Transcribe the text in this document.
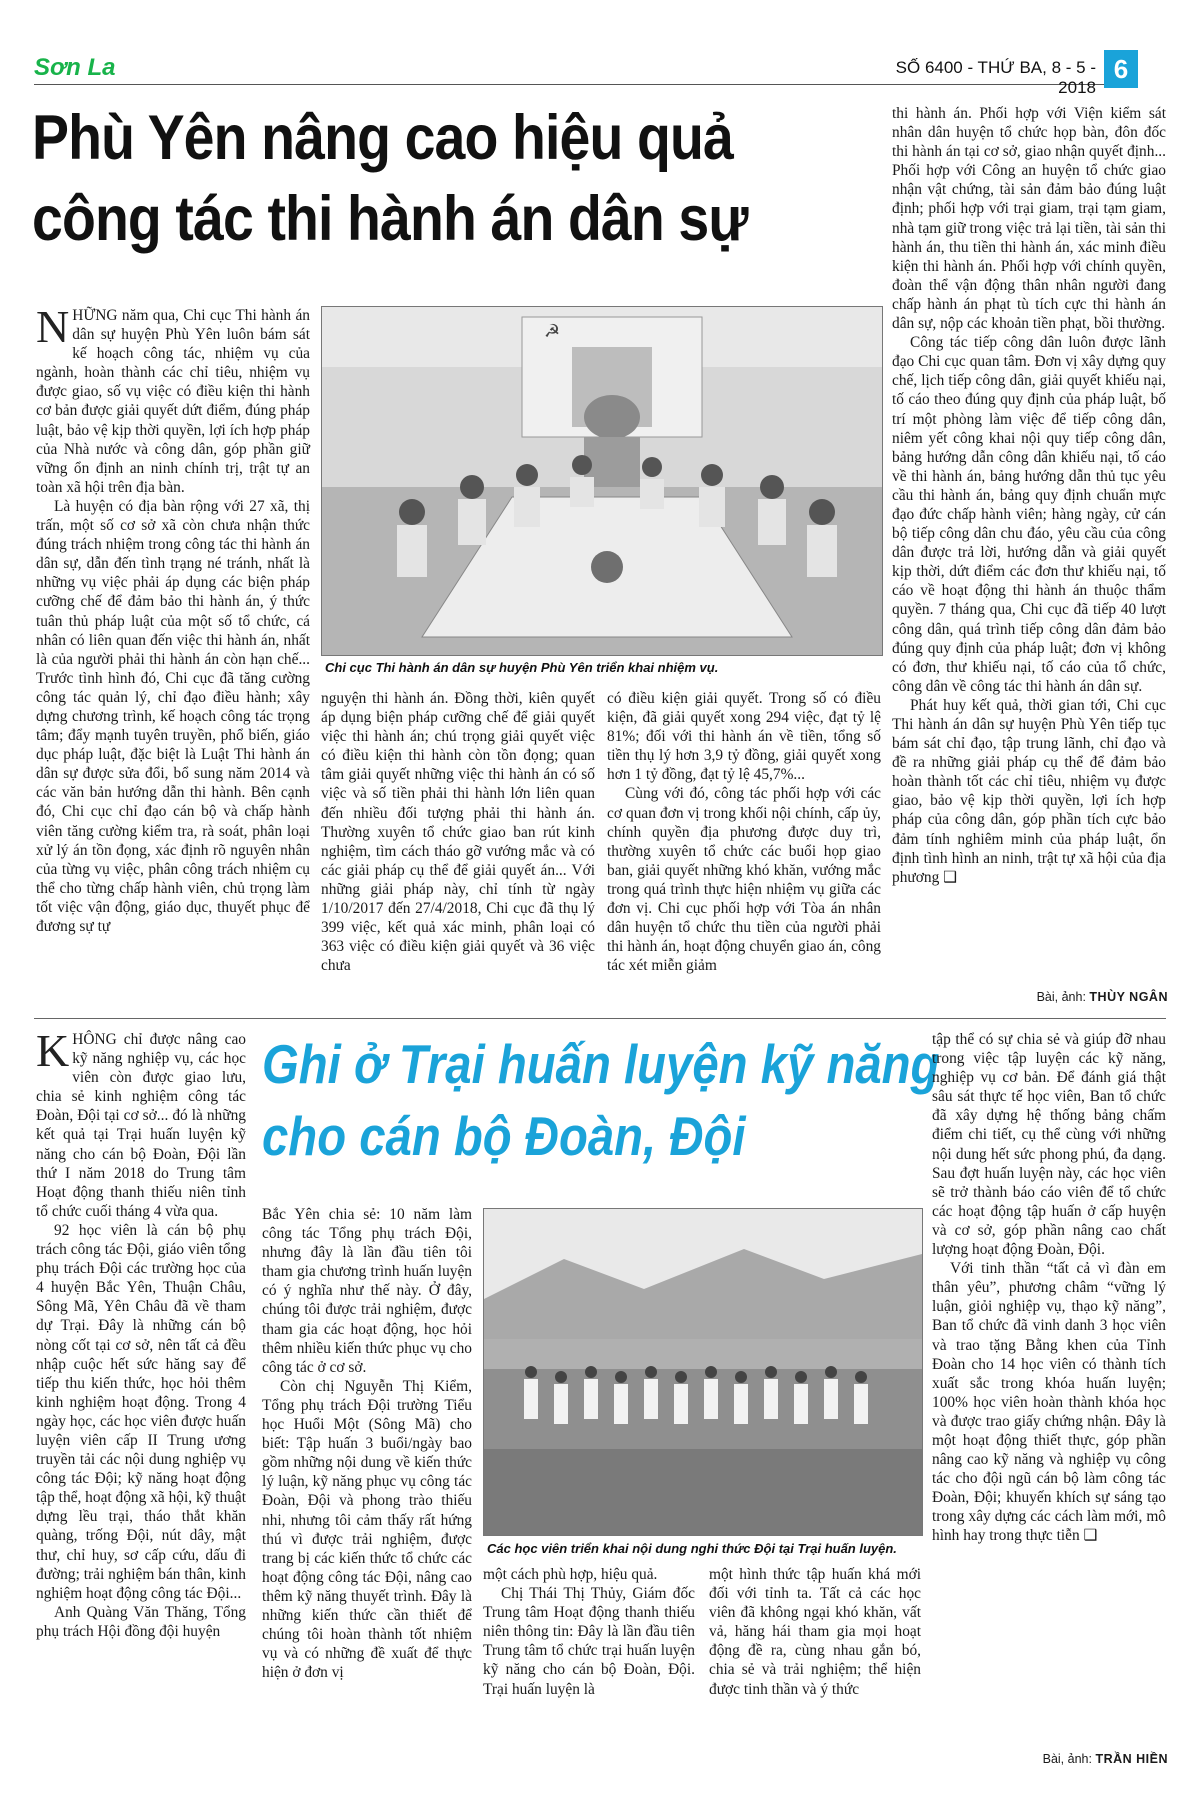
Sơn La	SỐ 6400 - THỨ BA, 8 - 5 - 2018
6
Phù Yên nâng cao hiệu quả
công tác thi hành án dân sự

NHỮNG năm qua, Chi cục Thi hành án dân sự huyện Phù Yên luôn bám sát kế hoạch công tác, nhiệm vụ của ngành, hoàn thành các chỉ tiêu, nhiệm vụ được giao, số vụ việc có điều kiện thi hành cơ bản được giải quyết dứt điểm, đúng pháp luật, bảo vệ kịp thời quyền, lợi ích hợp pháp của Nhà nước và công dân, góp phần giữ vững ổn định an ninh chính trị, trật tự an toàn xã hội trên địa bàn.

Là huyện có địa bàn rộng với 27 xã, thị trấn, một số cơ sở xã còn chưa nhận thức đúng trách nhiệm trong công tác thi hành án dân sự, dẫn đến tình trạng né tránh, nhất là những vụ việc phải áp dụng các biện pháp cưỡng chế để đảm bảo thi hành án, ý thức tuân thủ pháp luật của một số tổ chức, cá nhân có liên quan đến việc thi hành án, nhất là của người phải thi hành án còn hạn chế... Trước tình hình đó, Chi cục đã tăng cường công tác quản lý, chỉ đạo điều hành; xây dựng chương trình, kế hoạch công tác trọng tâm; đẩy mạnh tuyên truyền, phổ biến, giáo dục pháp luật, đặc biệt là Luật Thi hành án dân sự được sửa đổi, bổ sung năm 2014 và các văn bản hướng dẫn thi hành. Bên cạnh đó, Chi cục chỉ đạo cán bộ và chấp hành viên tăng cường kiểm tra, rà soát, phân loại xử lý án tồn đọng, xác định rõ nguyên nhân của từng vụ việc, phân công trách nhiệm cụ thể cho từng chấp hành viên, chủ trọng làm tốt việc vận động, giáo dục, thuyết phục để đương sự tự

☭
Chi cục Thi hành án dân sự huyện Phù Yên triển khai nhiệm vụ.

nguyện thi hành án. Đồng thời, kiên quyết áp dụng biện pháp cưỡng chế để giải quyết việc thi hành án; chú trọng giải quyết việc có điều kiện thi hành còn tồn đọng; quan tâm giải quyết những việc thi hành án có số việc và số tiền phải thi hành lớn liên quan đến nhiều đối tượng phải thi hành án. Thường xuyên tổ chức giao ban rút kinh nghiệm, tìm cách tháo gỡ vướng mắc và có các giải pháp cụ thể để giải quyết án... Với những giải pháp này, chỉ tính từ ngày 1/10/2017 đến 27/4/2018, Chi cục đã thụ lý 399 việc, kết quả xác minh, phân loại có 363 việc có điều kiện giải quyết và 36 việc chưa

có điều kiện giải quyết. Trong số có điều kiện, đã giải quyết xong 294 việc, đạt tỷ lệ 81%; đối với thi hành án về tiền, tổng số tiền thụ lý hơn 3,9 tỷ đồng, giải quyết xong hơn 1 tỷ đồng, đạt tỷ lệ 45,7%...

Cùng với đó, công tác phối hợp với các cơ quan đơn vị trong khối nội chính, cấp ủy, chính quyền địa phương được duy trì, thường xuyên tổ chức các buổi họp giao ban, giải quyết những khó khăn, vướng mắc trong quá trình thực hiện nhiệm vụ giữa các đơn vị. Chi cục phối hợp với Tòa án nhân dân huyện tổ chức thu tiền của người phải thi hành án, hoạt động chuyển giao án, công tác xét miễn giảm

thi hành án. Phối hợp với Viện kiểm sát nhân dân huyện tổ chức họp bàn, đôn đốc thi hành án tại cơ sở, giao nhận quyết định... Phối hợp với Công an huyện tổ chức giao nhận vật chứng, tài sản đảm bảo đúng luật định; phối hợp với trại giam, trại tạm giam, nhà tạm giữ trong việc trả lại tiền, tài sản thi hành án, thu tiền thi hành án, xác minh điều kiện thi hành án. Phối hợp với chính quyền, đoàn thể vận động thân nhân người đang chấp hành án phạt tù tích cực thi hành án dân sự, nộp các khoản tiền phạt, bồi thường.

Công tác tiếp công dân luôn được lãnh đạo Chi cục quan tâm. Đơn vị xây dựng quy chế, lịch tiếp công dân, giải quyết khiếu nại, tố cáo theo đúng quy định của pháp luật, bố trí một phòng làm việc để tiếp công dân, niêm yết công khai nội quy tiếp công dân, bảng hướng dẫn công dân khiếu nại, tố cáo về thi hành án, bảng hướng dẫn thủ tục yêu cầu thi hành án, bảng quy định chuẩn mực đạo đức chấp hành viên; hàng ngày, cử cán bộ tiếp công dân chu đáo, yêu cầu của công dân được trả lời, hướng dẫn và giải quyết kịp thời, dứt điểm các đơn thư khiếu nại, tố cáo về hoạt động thi hành án thuộc thẩm quyền. 7 tháng qua, Chi cục đã tiếp 40 lượt công dân, quá trình tiếp công dân đảm bảo đúng quy định của pháp luật; đơn vị không có đơn, thư khiếu nại, tố cáo của tổ chức, công dân về công tác thi hành án dân sự.

Phát huy kết quả, thời gian tới, Chi cục Thi hành án dân sự huyện Phù Yên tiếp tục bám sát chỉ đạo, tập trung lãnh, chỉ đạo và đề ra những giải pháp cụ thể để đảm bảo hoàn thành tốt các chỉ tiêu, nhiệm vụ được giao, bảo vệ kịp thời quyền, lợi ích hợp pháp của công dân, góp phần tích cực bảo đảm tính nghiêm minh của pháp luật, ổn định tình hình an ninh, trật tự xã hội của địa phương ❑

Bài, ảnh: THÙY NGÂN

KHÔNG chỉ được nâng cao kỹ năng nghiệp vụ, các học viên còn được giao lưu, chia sẻ kinh nghiệm công tác Đoàn, Đội tại cơ sở... đó là những kết quả tại Trại huấn luyện kỹ năng cho cán bộ Đoàn, Đội lần thứ I năm 2018 do Trung tâm Hoạt động thanh thiếu niên tỉnh tổ chức cuối tháng 4 vừa qua.

92 học viên là cán bộ phụ trách công tác Đội, giáo viên tổng phụ trách Đội các trường học của 4 huyện Bắc Yên, Thuận Châu, Sông Mã, Yên Châu đã về tham dự Trại. Đây là những cán bộ nòng cốt tại cơ sở, nên tất cả đều nhập cuộc hết sức hăng say để tiếp thu kiến thức, học hỏi thêm kinh nghiệm hoạt động. Trong 4 ngày học, các học viên được huấn luyện viên cấp II Trung ương truyền tải các nội dung nghiệp vụ công tác Đội; kỹ năng hoạt động tập thể, hoạt động xã hội, kỹ thuật dựng lều trại, tháo thắt khăn quàng, trống Đội, nút dây, mật thư, chỉ huy, sơ cấp cứu, dấu đi đường; trải nghiệm bán thân, kinh nghiệm hoạt động công tác Đội...

Anh Quàng Văn Thăng, Tổng phụ trách Hội đồng đội huyện

Ghi ở Trại huấn luyện kỹ năng
cho cán bộ Đoàn, Đội

Bắc Yên chia sẻ: 10 năm làm công tác Tổng phụ trách Đội, nhưng đây là lần đầu tiên tôi tham gia chương trình huấn luyện có ý nghĩa như thế này. Ở đây, chúng tôi được trải nghiệm, được tham gia các hoạt động, học hỏi thêm nhiều kiến thức phục vụ cho công tác ở cơ sở.

Còn chị Nguyễn Thị Kiểm, Tổng phụ trách Đội trường Tiểu học Huổi Một (Sông Mã) cho biết: Tập huấn 3 buổi/ngày bao gồm những nội dung về kiến thức lý luận, kỹ năng phục vụ công tác Đoàn, Đội và phong trào thiếu nhi, nhưng tôi cảm thấy rất hứng thú vì được trải nghiệm, được trang bị các kiến thức tổ chức các hoạt động công tác Đội, nâng cao thêm kỹ năng thuyết trình. Đây là những kiến thức cần thiết để chúng tôi hoàn thành tốt nhiệm vụ và có những đề xuất để thực hiện ở đơn vị

Các học viên triển khai nội dung nghi thức Đội tại Trại huấn luyện.

một cách phù hợp, hiệu quả.

Chị Thái Thị Thủy, Giám đốc Trung tâm Hoạt động thanh thiếu niên thông tin: Đây là lần đầu tiên Trung tâm tổ chức trại huấn luyện kỹ năng cho cán bộ Đoàn, Đội. Trại huấn luyện là

một hình thức tập huấn khá mới đối với tỉnh ta. Tất cả các học viên đã không ngại khó khăn, vất vả, hăng hái tham gia mọi hoạt động đề ra, cùng nhau gắn bó, chia sẻ và trải nghiệm; thể hiện được tinh thần và ý thức

tập thể có sự chia sẻ và giúp đỡ nhau trong việc tập luyện các kỹ năng, nghiệp vụ cơ bản. Để đánh giá thật sâu sát thực tế học viên, Ban tổ chức đã xây dựng hệ thống bảng chấm điểm chi tiết, cụ thể cùng với những nội dung hết sức phong phú, đa dạng. Sau đợt huấn luyện này, các học viên sẽ trở thành báo cáo viên để tổ chức các hoạt động tập huấn ở cấp huyện và cơ sở, góp phần nâng cao chất lượng hoạt động Đoàn, Đội.

Với tinh thần “tất cả vì đàn em thân yêu”, phương châm “vững lý luận, giỏi nghiệp vụ, thạo kỹ năng”, Ban tổ chức đã vinh danh 3 học viên và trao tặng Bằng khen của Tỉnh Đoàn cho 14 học viên có thành tích xuất sắc trong khóa huấn luyện; 100% học viên hoàn thành khóa học và được trao giấy chứng nhận. Đây là một hoạt động thiết thực, góp phần nâng cao kỹ năng và nghiệp vụ công tác cho đội ngũ cán bộ làm công tác Đoàn, Đội; khuyến khích sự sáng tạo trong xây dựng các cách làm mới, mô hình hay trong thực tiễn ❑

Bài, ảnh: TRẦN HIỀN
